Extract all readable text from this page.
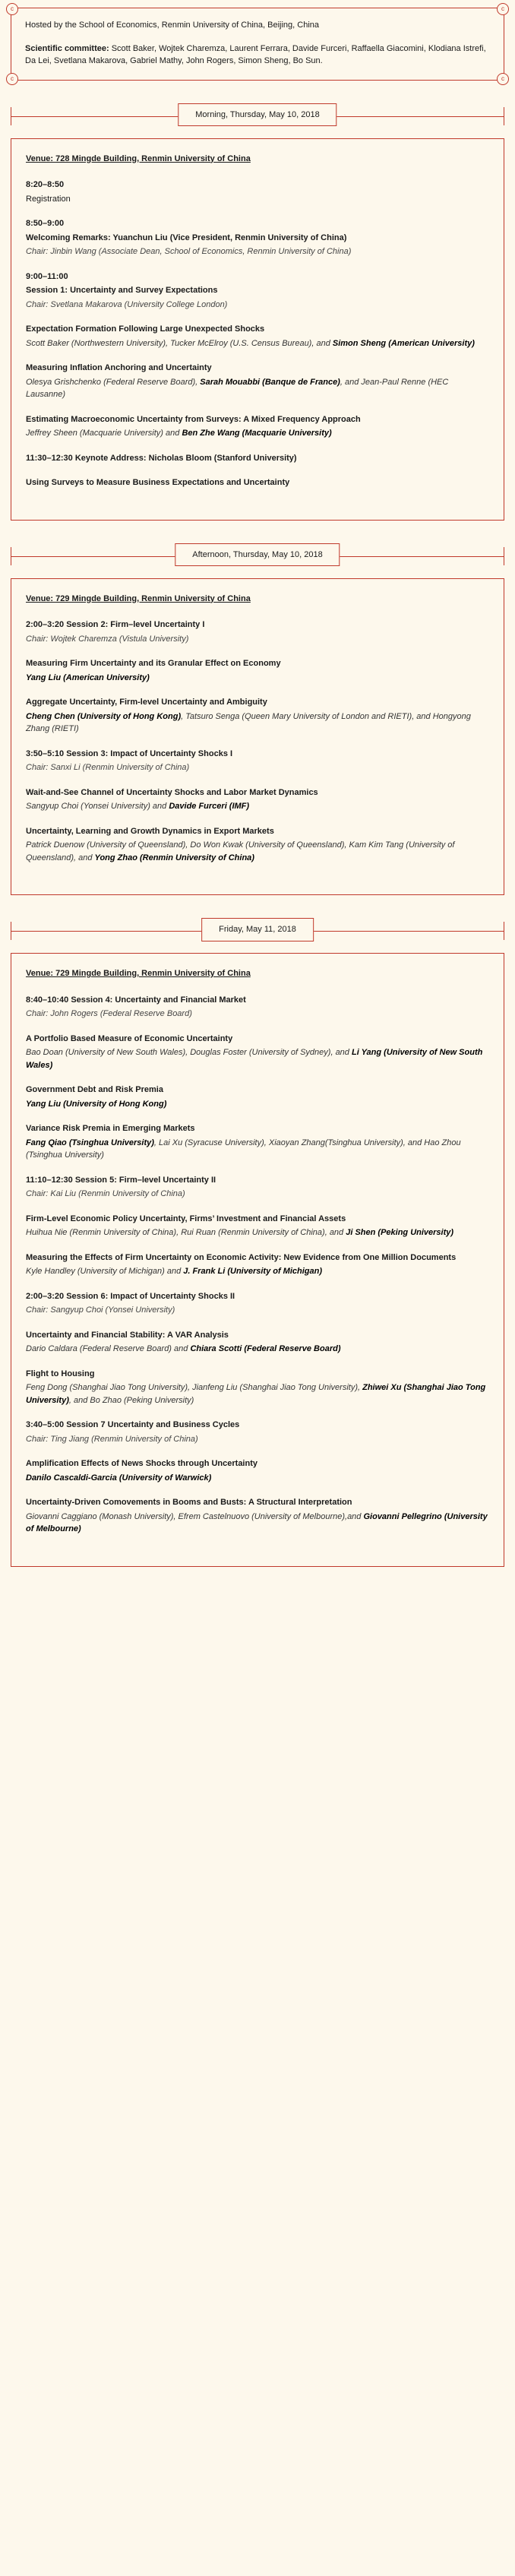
c	c
c	c

Hosted by the School of Economics, Renmin University of China, Beijing, China

Scientific committee: Scott Baker, Wojtek Charemza, Laurent Ferrara, Davide Furceri, Raffaella Giacomini, Klodiana Istrefi, Da Lei, Svetlana Makarova, Gabriel Mathy, John Rogers, Simon Sheng, Bo Sun.

Morning, Thursday, May 10, 2018

Venue: 728 Mingde Building, Renmin University of China

8:20–8:50

Registration

8:50–9:00

Welcoming Remarks: Yuanchun Liu (Vice President, Renmin University of China)

Chair: Jinbin Wang (Associate Dean, School of Economics, Renmin University of China)

9:00–11:00

Session 1: Uncertainty and Survey Expectations

Chair: Svetlana Makarova (University College London)

Expectation Formation Following Large Unexpected Shocks

Scott Baker (Northwestern University), Tucker McElroy (U.S. Census Bureau), and Simon Sheng (American University)

Measuring Inflation Anchoring and Uncertainty

Olesya Grishchenko (Federal Reserve Board), Sarah Mouabbi (Banque de France), and Jean-Paul Renne (HEC Lausanne)

Estimating Macroeconomic Uncertainty from Surveys: A Mixed Frequency Approach

Jeffrey Sheen (Macquarie University) and Ben Zhe Wang (Macquarie University)

11:30–12:30 Keynote Address: Nicholas Bloom (Stanford University)

Using Surveys to Measure Business Expectations and Uncertainty

Afternoon, Thursday, May 10, 2018

Venue: 729 Mingde Building, Renmin University of China

2:00–3:20 Session 2: Firm–level Uncertainty I

Chair: Wojtek Charemza (Vistula University)

Measuring Firm Uncertainty and its Granular Effect on Economy

Yang Liu (American University)

Aggregate Uncertainty, Firm-level Uncertainty and Ambiguity

Cheng Chen (University of Hong Kong), Tatsuro Senga (Queen Mary University of London and RIETI), and Hongyong Zhang (RIETI)

3:50–5:10 Session 3: Impact of Uncertainty Shocks I

Chair: Sanxi Li (Renmin University of China)

Wait-and-See Channel of Uncertainty Shocks and Labor Market Dynamics

Sangyup Choi (Yonsei University) and Davide Furceri (IMF)

Uncertainty, Learning and Growth Dynamics in Export Markets

Patrick Duenow (University of Queensland), Do Won Kwak (University of Queensland), Kam Kim Tang (University of Queensland), and Yong Zhao (Renmin University of China)

Friday, May 11, 2018

Venue: 729 Mingde Building, Renmin University of China

8:40–10:40 Session 4: Uncertainty and Financial Market

Chair: John Rogers (Federal Reserve Board)

A Portfolio Based Measure of Economic Uncertainty

Bao Doan (University of New South Wales), Douglas Foster (University of Sydney), and Li Yang (University of New South Wales)

Government Debt and Risk Premia

Yang Liu (University of Hong Kong)

Variance Risk Premia in Emerging Markets

Fang Qiao (Tsinghua University), Lai Xu (Syracuse University), Xiaoyan Zhang(Tsinghua University), and Hao Zhou (Tsinghua University)

11:10–12:30 Session 5: Firm–level Uncertainty II

Chair: Kai Liu (Renmin University of China)

Firm-Level Economic Policy Uncertainty, Firms’ Investment and Financial Assets

Huihua Nie (Renmin University of China), Rui Ruan (Renmin University of China), and Ji Shen (Peking University)

Measuring the Effects of Firm Uncertainty on Economic Activity: New Evidence from One Million Documents

Kyle Handley (University of Michigan) and J. Frank Li (University of Michigan)

2:00–3:20 Session 6: Impact of Uncertainty Shocks II

Chair: Sangyup Choi (Yonsei University)

Uncertainty and Financial Stability: A VAR Analysis

Dario Caldara (Federal Reserve Board) and Chiara Scotti (Federal Reserve Board)

Flight to Housing

Feng Dong (Shanghai Jiao Tong University), Jianfeng Liu (Shanghai Jiao Tong University), Zhiwei Xu (Shanghai Jiao Tong University), and Bo Zhao (Peking University)

3:40–5:00 Session 7 Uncertainty and Business Cycles

Chair: Ting Jiang (Renmin University of China)

Amplification Effects of News Shocks through Uncertainty

Danilo Cascaldi-Garcia (University of Warwick)

Uncertainty-Driven Comovements in Booms and Busts: A Structural Interpretation

Giovanni Caggiano (Monash University), Efrem Castelnuovo (University of Melbourne),and Giovanni Pellegrino (University of Melbourne)
